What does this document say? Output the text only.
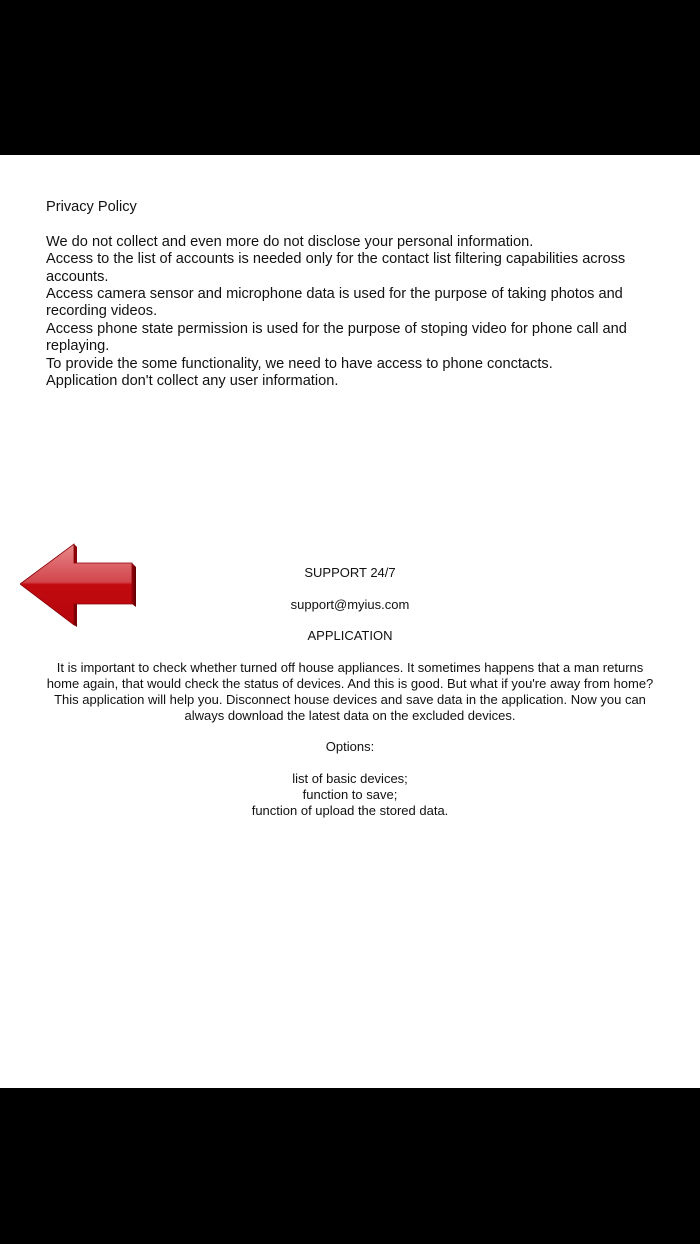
Privacy Policy

We do not collect and even more do not disclose your personal information.

Access to the list of accounts is needed only for the contact list filtering capabilities across accounts.

Access camera sensor and microphone data is used for the purpose of taking photos and recording videos.

Access phone state permission is used for the purpose of stoping video for phone call and replaying.

To provide the some functionality, we need to have access to phone conctacts.

Application don't collect any user information.

SUPPORT 24/7

support@myius.com

APPLICATION

It is important to check whether turned off house appliances. It sometimes happens that a man returns home again, that would check the status of devices. And this is good. But what if you're away from home? This application will help you. Disconnect house devices and save data in the application. Now you can always download the latest data on the excluded devices.

Options:

list of basic devices;

function to save;

function of upload the stored data.
